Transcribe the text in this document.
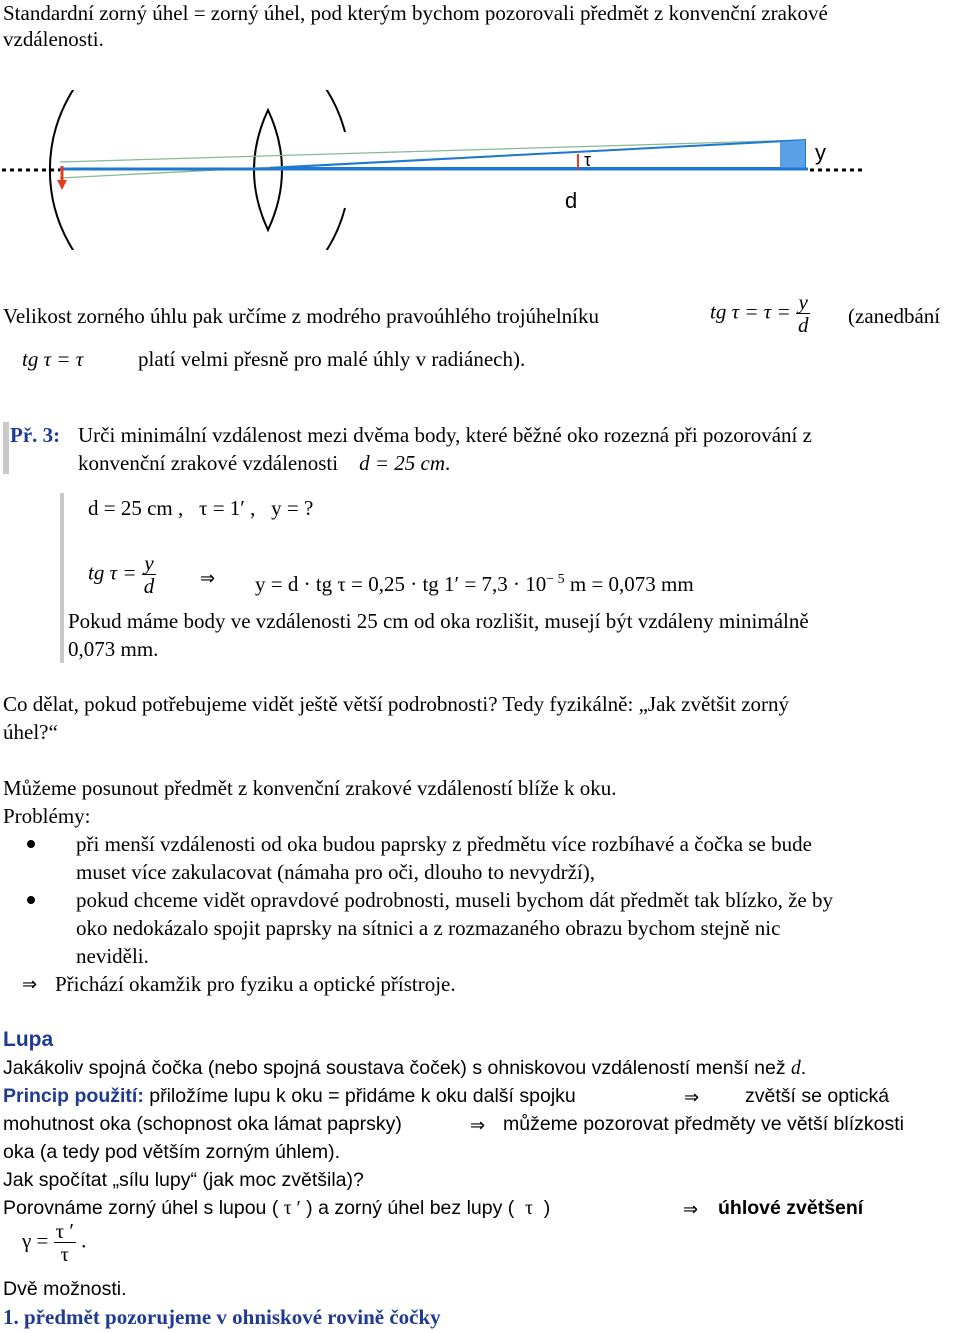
Standardní zorný úhel = zorný úhel, pod kterým bychom pozorovali předmět z konvenční zrakové
vzdálenosti.
τ	y
d
Velikost zorného úhlu pak určíme z modrého pravoúhlého trojúhelníku	tg $\tau = \tau = \frac{y}{d}$ (zanedbání
tg τ = τ	platí velmi přesně pro malé úhly v radiánech).
Př. 3: Urči minimální vzdálenost mezi dvěma body, které běžné oko rozezná při pozorování z
konvenční zrakové vzdálenosti d = 25 cm.
d = 25 cm ,   τ = 1′ ,   y = ?
tg $\tau = \frac{y}{d}$ ⇒ y = d · tg τ = 0,25 · tg $1' = 7,3 \cdot 10^{- 5}$ m = 0,073 mm
Pokud máme body ve vzdálenosti 25 cm od oka rozlišit, musejí být vzdáleny minimálně
0,073 mm.
Co dělat, pokud potřebujeme vidět ještě větší podrobnosti? Tedy fyzikálně: „Jak zvětšit zorný
úhel?“
Můžeme posunout předmět z konvenční zrakové vzdáleností blíže k oku.
Problémy:
při menší vzdálenosti od oka budou paprsky z předmětu více rozbíhavé a čočka se bude
muset více zakulacovat (námaha pro oči, dlouho to nevydrží),
pokud chceme vidět opravdové podrobnosti, museli bychom dát předmět tak blízko, že by
oko nedokázalo spojit paprsky na sítnici a z rozmazaného obrazu bychom stejně nic
neviděli.
⇒ Přichází okamžik pro fyziku a optické přístroje.
Lupa
Jakákoliv spojná čočka (nebo spojná soustava čoček) s ohniskovou vzdáleností menší než d.
Princip použití: přiložíme lupu k oku = přidáme k oku další spojku	⇒ zvětší se optická
mohutnost oka (schopnost oka lámat paprsky)	⇒ můžeme pozorovat předměty ve větší blízkosti
oka (a tedy pod větším zorným úhlem).
Jak spočítat „sílu lupy“ (jak moc zvětšila)?
Porovnáme zorný úhel s lupou ( τ ′ ) a zorný úhel bez lupy ( τ )	⇒ úhlové zvětšení
$\gamma = \frac{\tau '}{\tau}$ .
Dvě možnosti.
1. předmět pozorujeme v ohniskové rovině čočky
